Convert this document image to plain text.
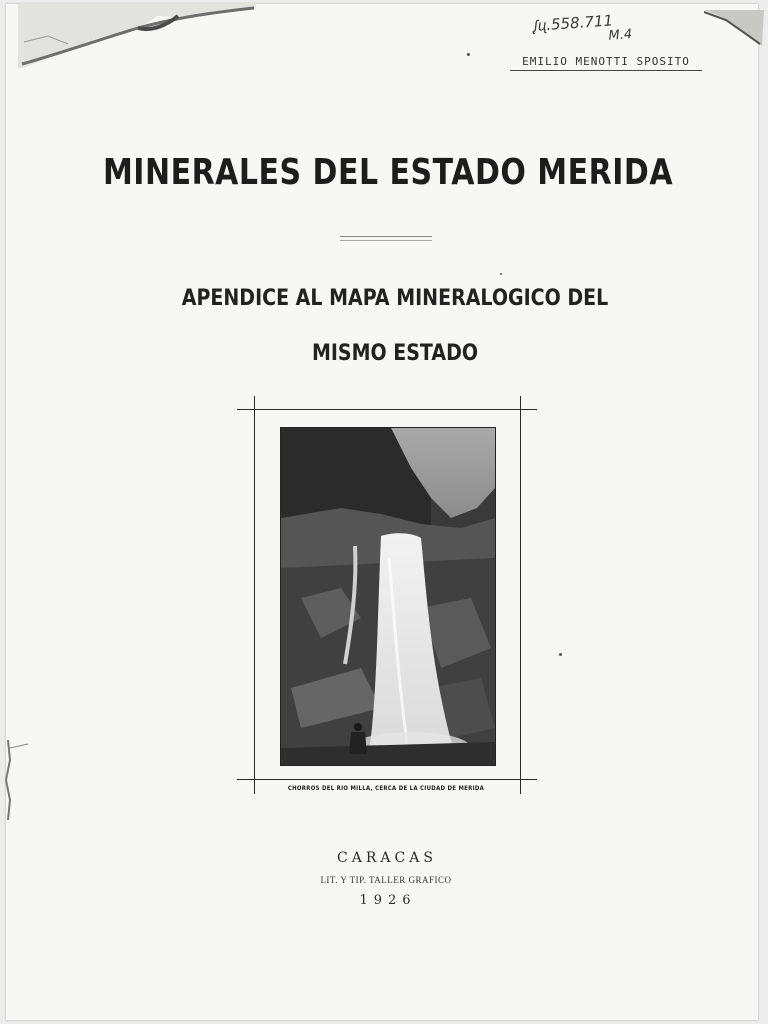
ᶘᶙ.558.711
M.4
EMILIO MENOTTI SPOSITO
MINERALES DEL ESTADO MERIDA
APENDICE AL MAPA MINERALOGICO DEL
MISMO ESTADO
CHORROS DEL RIO MILLA, CERCA DE LA CIUDAD DE MERIDA
CARACAS
LIT. Y TIP. TALLER GRAFICO
1926
